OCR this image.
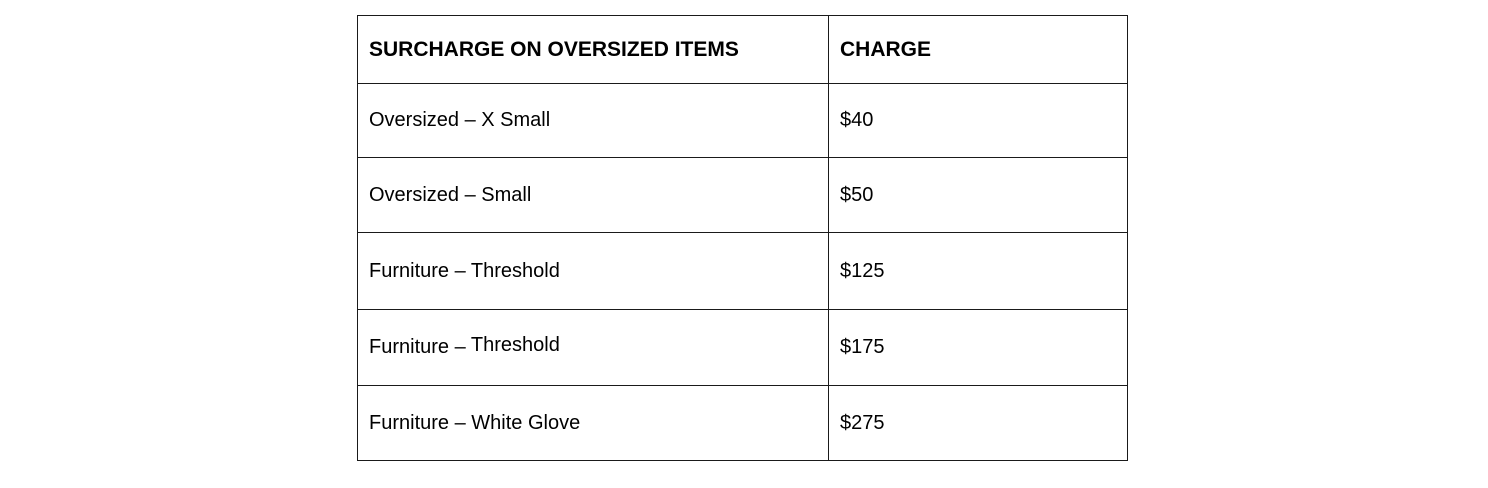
SURCHARGE ON OVERSIZED ITEMS	CHARGE
Oversized – X Small	$40
Oversized – Small	$50
Furniture – Threshold	$125
Furniture – Threshold	$175
Furniture – White Glove	$275
